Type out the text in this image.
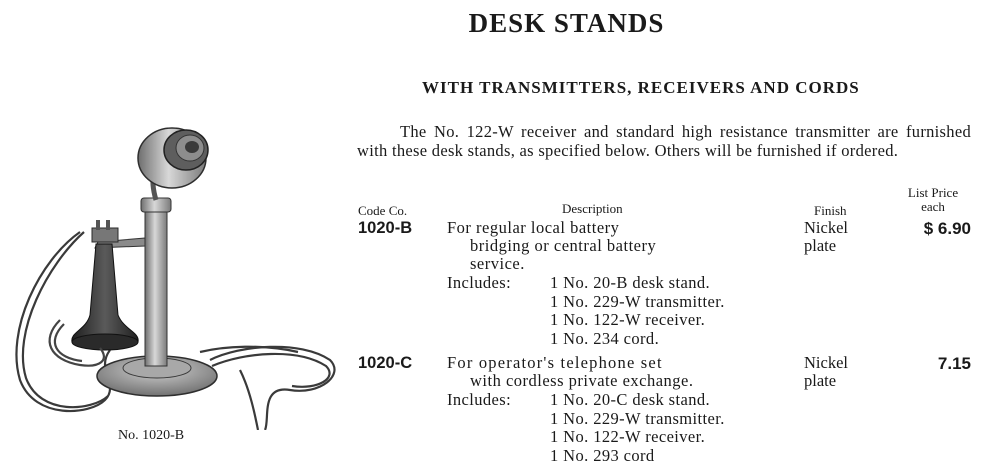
DESK STANDS
WITH TRANSMITTERS, RECEIVERS AND CORDS
The No. 122-W receiver and standard high resistance transmitter are furnished with these desk stands, as specified below. Others will be furnished if ordered.
Code Co.	Description	Finish
List Price
each
1020-B For regular local battery
bridging or central battery
service.
Nickel
plate
$ 6.90
Includes: 1 No. 20-B desk stand.
1 No. 229-W transmitter.
1 No. 122-W receiver.
1 No. 234 cord.
1020-C For operator's telephone set
with cordless private exchange.
Nickel
plate
7.15
Includes: 1 No. 20-C desk stand.
1 No. 229-W transmitter.
1 No. 122-W receiver.
1 No. 293 cord
No. 1020-B
